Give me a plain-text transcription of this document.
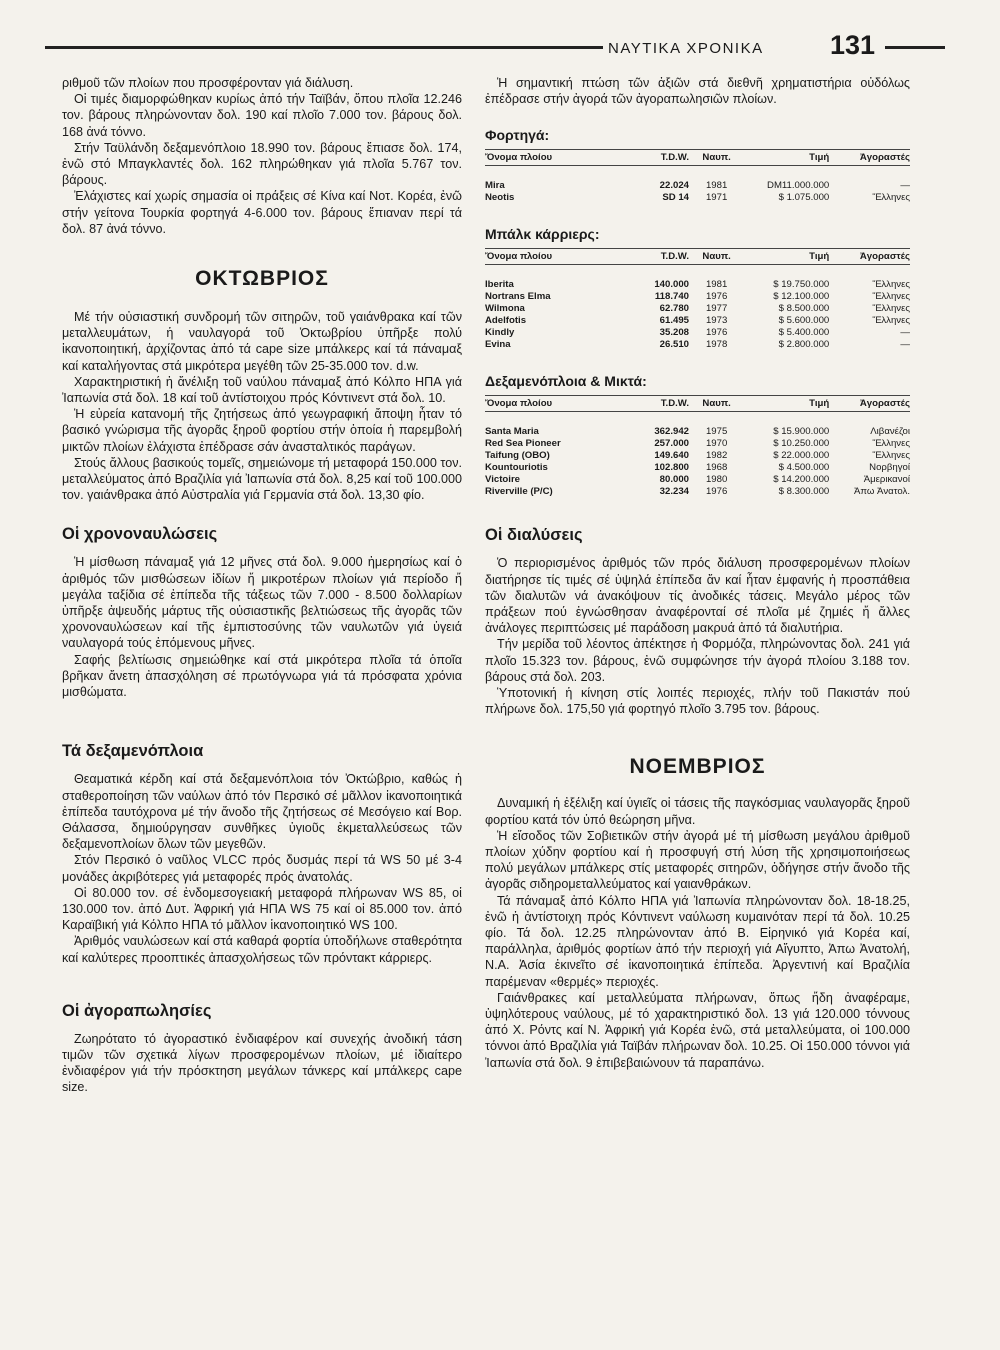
ΝΑΥΤΙΚΑ ΧΡΟΝΙΚΑ 131

ριθμοῦ τῶν πλοίων που προσφέρονταν γιά διάλυση.

Οἱ τιμές διαμορφώθηκαν κυρίως ἀπό τήν Ταϊβάν, ὅπου πλοῖα 12.246 τον. βάρους πληρώνονταν δολ. 190 καί πλοῖο 7.000 τον. βάρους δολ. 168 ἀνά τόννο.

Στήν Ταϋλάνδη δεξαμενόπλοιο 18.990 τον. βάρους ἔπιασε δολ. 174, ἐνῶ στό Μπαγκλαντές δολ. 162 πληρώθηκαν γιά πλοῖα 5.767 τον. βάρους.

Ἐλάχιστες καί χωρίς σημασία οἱ πράξεις σέ Κίνα καί Νοτ. Κορέα, ἐνῶ στήν γείτονα Τουρκία φορτηγά 4-6.000 τον. βάρους ἔπιαναν περί τά δολ. 87 ἀνά τόννο.

ΟΚΤΩΒΡΙΟΣ

Μέ τήν οὐσιαστική συνδρομή τῶν σιτηρῶν, τοῦ γαιάνθρακα καί τῶν μεταλλευμάτων, ἡ ναυλαγορά τοῦ Ὀκτωβρίου ὑπῆρξε πολύ ἱκανοποιητική, ἀρχίζοντας ἀπό τά cape size μπάλκερς καί τά πάναμαξ καί καταλήγοντας στά μικρότερα μεγέθη τῶν 25-35.000 τον. d.w.

Χαρακτηριστική ἡ ἄνέλιξη τοῦ ναύλου πάναμαξ ἀπό Κόλπο ΗΠΑ γιά Ἰαπωνία στά δολ. 18 καί τοῦ ἀντίστοιχου πρός Κόντινεντ στά δολ. 10.

Ἡ εὐρεία κατανομή τῆς ζητήσεως ἀπό γεωγραφική ἄποψη ἦταν τό βασικό γνώρισμα τῆς ἀγορᾶς ξηροῦ φορτίου στήν ὁποία ἡ παρεμβολή μικτῶν πλοίων ἐλάχιστα ἐπέδρασε σάν ἀνασταλτικός παράγων.

Στούς ἄλλους βασικούς τομεῖς, σημειώνομε τή μεταφορά 150.000 τον. μεταλλεύματος ἀπό Βραζιλία γιά Ἰαπωνία στά δολ. 8,25 καί τοῦ 100.000 τον. γαιάνθρακα ἀπό Αὐστραλία γιά Γερμανία στά δολ. 13,30 φίο.

Οἱ χρονοναυλώσεις

Ἡ μίσθωση πάναμαξ γιά 12 μῆνες στά δολ. 9.000 ἡμερησίως καί ὁ ἀριθμός τῶν μισθώσεων ἰδίων ἤ μικροτέρων πλοίων γιά περίοδο ἤ μεγάλα ταξίδια σέ ἐπίπεδα τῆς τάξεως τῶν 7.000 - 8.500 δολλαρίων ὑπῆρξε ἀψευδής μάρτυς τῆς οὐσιαστικῆς βελτιώσεως τῆς ἀγορᾶς τῶν χρονοναυλώσεων καί τῆς ἐμπιστοσύνης τῶν ναυλωτῶν γιά ὑγειά ναυλαγορά τούς ἑπόμενους μῆνες.

Σαφής βελτίωσις σημειώθηκε καί στά μικρότερα πλοῖα τά ὁποῖα βρῆκαν ἄνετη ἀπασχόληση σέ πρωτόγνωρα γιά τά πρόσφατα χρόνια μισθώματα.

Τά δεξαμενόπλοια

Θεαματικά κέρδη καί στά δεξαμενόπλοια τόν Ὀκτώβριο, καθώς ἡ σταθεροποίηση τῶν ναύλων ἀπό τόν Περσικό σέ μᾶλλον ἱκανοποιητικά ἐπίπεδα ταυτόχρονα μέ τήν ἄνοδο τῆς ζητήσεως σέ Μεσόγειο καί Βορ. Θάλασσα, δημιούργησαν συνθῆκες ὑγιοῦς ἐκμεταλλεύσεως τῶν δεξαμενοπλοίων ὅλων τῶν μεγεθῶν.

Στόν Περσικό ὁ ναῦλος VLCC πρός δυσμάς περί τά WS 50 μέ 3-4 μονάδες ἀκριβότερες γιά μεταφορές πρός ἀνατολάς.

Οἱ 80.000 τον. σέ ἐνδομεσογειακή μεταφορά πλήρωναν WS 85, οἱ 130.000 τον. ἀπό Δυτ. Ἀφρική γιά ΗΠΑ WS 75 καί οἱ 85.000 τον. ἀπό Καραϊβική γιά Κόλπο ΗΠΑ τό μᾶλλον ἱκανοποιητικό WS 100.

Ἀριθμός ναυλώσεων καί στά καθαρά φορτία ὑποδήλωνε σταθερότητα καί καλύτερες προοπτικές ἀπασχολήσεως τῶν πρόντακτ κάρριερς.

Οἱ ἀγοραπωλησίες

Ζωηρότατο τό ἀγοραστικό ἐνδιαφέρον καί συνεχής ἀνοδική τάση τιμῶν τῶν σχετικά λίγων προσφερομένων πλοίων, μέ ἰδιαίτερο ἐνδιαφέρον γιά τήν πρόσκτηση μεγάλων τάνκερς καί μπάλκερς cape size.

Ἡ σημαντική πτώση τῶν ἀξιῶν στά διεθνῆ χρηματιστήρια οὐδόλως ἐπέδρασε στήν ἀγορά τῶν ἀγοραπωλησιῶν πλοίων.

Φορτηγά:
Ὄνομα πλοίου	T.D.W.	Ναυπ.	Τιμή	Ἀγοραστές

Mira	22.024	1981	DM11.000.000	—
Neotis	SD 14	1971	$ 1.075.000	Ἕλληνες
Μπάλκ κάρριερς:
Ὄνομα πλοίου	T.D.W.	Ναυπ.	Τιμή	Ἀγοραστές

Iberita	140.000	1981	$ 19.750.000	Ἕλληνες
Nortrans Elma	118.740	1976	$ 12.100.000	Ἕλληνες
Wilmona	62.780	1977	$ 8.500.000	Ἕλληνες
Adelfotis	61.495	1973	$ 5.600.000	Ἕλληνες
Kindly	35.208	1976	$ 5.400.000	—
Evina	26.510	1978	$ 2.800.000	—
Δεξαμενόπλοια & Μικτά:
Ὄνομα πλοίου	T.D.W.	Ναυπ.	Τιμή	Ἀγοραστές

Santa Maria	362.942	1975	$ 15.900.000	Λιβανέζοι
Red Sea Pioneer	257.000	1970	$ 10.250.000	Ἕλληνες
Taifung (OBO)	149.640	1982	$ 22.000.000	Ἕλληνες
Kountouriotis	102.800	1968	$ 4.500.000	Νορβηγοί
Victoire	80.000	1980	$ 14.200.000	Ἀμερικανοί
Riverville (P/C)	32.234	1976	$ 8.300.000	Ἀπω Ἀνατολ.
Οἱ διαλύσεις

Ὁ περιορισμένος ἀριθμός τῶν πρός διάλυση προσφερομένων πλοίων διατήρησε τίς τιμές σέ ὑψηλά ἐπίπεδα ἄν καί ἦταν ἐμφανής ἡ προσπάθεια τῶν διαλυτῶν νά ἀνακόψουν τίς ἀνοδικές τάσεις. Μεγάλο μέρος τῶν πράξεων πού ἐγνώσθησαν ἀναφέρονταί σέ πλοῖα μέ ζημιές ἤ ἄλλες ἀνάλογες περιπτώσεις μέ παράδοση μακρυά ἀπό τά διαλυτήρια.

Τήν μερίδα τοῦ λέοντος ἀπέκτησε ἡ Φορμόζα, πληρώνοντας δολ. 241 γιά πλοῖο 15.323 τον. βάρους, ἐνῶ συμφώνησε τήν ἀγορά πλοίου 3.188 τον. βάρους στά δολ. 203.

Ὑποτονική ἡ κίνηση στίς λοιπές περιοχές, πλήν τοῦ Πακιστάν πού πλήρωνε δολ. 175,50 γιά φορτηγό πλοῖο 3.795 τον. βάρους.

ΝΟΕΜΒΡΙΟΣ

Δυναμική ἡ ἐξέλιξη καί ὑγιεῖς οἱ τάσεις τῆς παγκόσμιας ναυλαγορᾶς ξηροῦ φορτίου κατά τόν ὑπό θεώρηση μῆνα.

Ἡ εἴσοδος τῶν Σοβιετικῶν στήν ἀγορά μέ τή μίσθωση μεγάλου ἀριθμοῦ πλοίων χύδην φορτίου καί ἡ προσφυγή στή λύση τῆς χρησιμοποιήσεως πολύ μεγάλων μπάλκερς στίς μεταφορές σιτηρῶν, ὁδήγησε στήν ἄνοδο τῆς ἀγορᾶς σιδηρομεταλλεύματος καί γαιανθράκων.

Τά πάναμαξ ἀπό Κόλπο ΗΠΑ γιά Ἰαπωνία πληρώνονταν δολ. 18-18.25, ἐνῶ ἡ ἀντίστοιχη πρός Κόντινεντ ναύλωση κυμαινόταν περί τά δολ. 10.25 φίο. Τά δολ. 12.25 πληρώνονταν ἀπό Β. Εἰρηνικό γιά Κορέα καί, παράλληλα, ἀριθμός φορτίων ἀπό τήν περιοχή γιά Αἴγυπτο, Ἀπω Ἀνατολή, Ν.Α. Ἀσία ἐκινεῖτο σέ ἱκανοποιητικά ἐπίπεδα. Ἀργεντινή καί Βραζιλία παρέμεναν «θερμές» περιοχές.

Γαιάνθρακες καί μεταλλεύματα πλήρωναν, ὅπως ἤδη ἀναφέραμε, ὑψηλότερους ναύλους, μέ τό χαρακτηριστικό δολ. 13 γιά 120.000 τόννους ἀπό Χ. Ρόντς καί Ν. Ἀφρική γιά Κορέα ἐνῶ, στά μεταλλεύματα, οἱ 100.000 τόννοι ἀπό Βραζιλία γιά Ταϊβάν πλήρωναν δολ. 10.25. Οἱ 150.000 τόννοι γιά Ἰαπωνία στά δολ. 9 ἐπιβεβαιώνουν τά παραπάνω.
